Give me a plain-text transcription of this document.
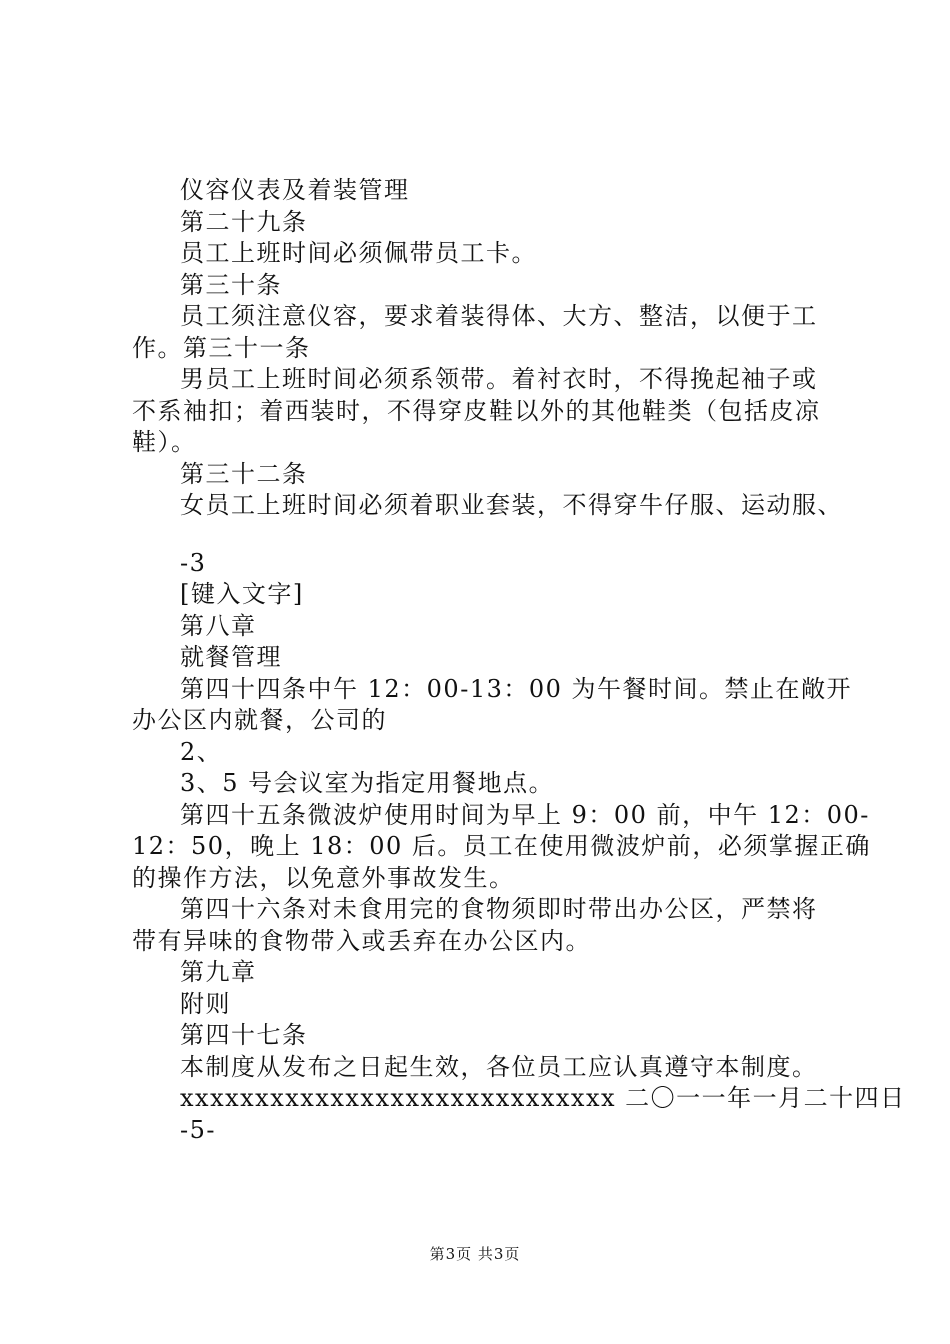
仪容仪表及着装管理
第二十九条
员工上班时间必须佩带员工卡。
第三十条
员工须注意仪容，要求着装得体、大方、整洁，以便于工
作。第三十一条
男员工上班时间必须系领带。着衬衣时，不得挽起袖子或
不系袖扣；着西装时，不得穿皮鞋以外的其他鞋类（包括皮凉
鞋）。
第三十二条
女员工上班时间必须着职业套装，不得穿牛仔服、运动服、
-3
[键入文字]
第八章
就餐管理
第四十四条中午 12：00-13：00 为午餐时间。禁止在敞开
办公区内就餐，公司的
2、
3、5 号会议室为指定用餐地点。
第四十五条微波炉使用时间为早上 9：00 前，中午 12：00-
12：50，晚上 18：00 后。员工在使用微波炉前，必须掌握正确
的操作方法，以免意外事故发生。
第四十六条对未食用完的食物须即时带出办公区，严禁将
带有异味的食物带入或丢弃在办公区内。
第九章
附则
第四十七条
本制度从发布之日起生效，各位员工应认真遵守本制度。
xxxxxxxxxxxxxxxxxxxxxxxxxxxxx 二〇一一年一月二十四日
-5-
第3页 共3页
